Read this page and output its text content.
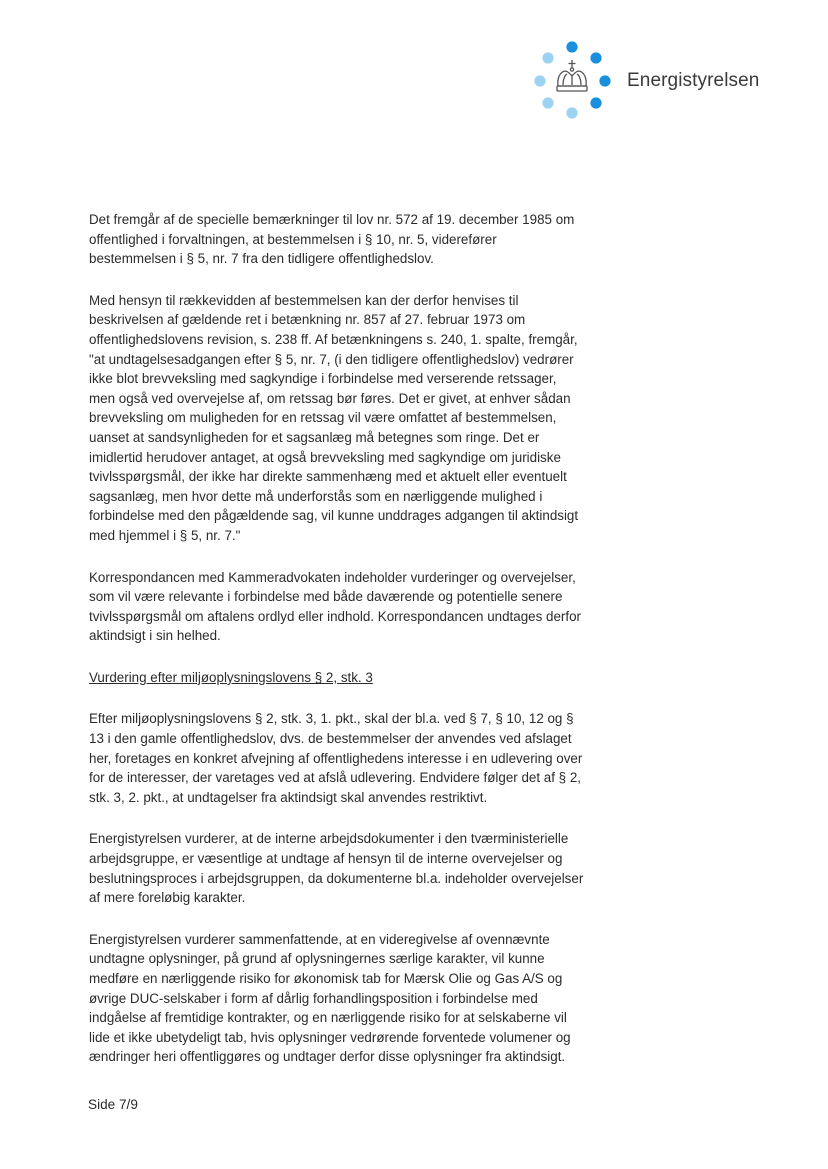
Energistyrelsen

Det fremgår af de specielle bemærkninger til lov nr. 572 af 19. december 1985 om
offentlighed i forvaltningen, at bestemmelsen i § 10, nr. 5, viderefører
bestemmelsen i § 5, nr. 7 fra den tidligere offentlighedslov.

Med hensyn til rækkevidden af bestemmelsen kan der derfor henvises til
beskrivelsen af gældende ret i betænkning nr. 857 af 27. februar 1973 om
offentlighedslovens revision, s. 238 ff. Af betænkningens s. 240, 1. spalte, fremgår,
"at undtagelsesadgangen efter § 5, nr. 7, (i den tidligere offentlighedslov) vedrører
ikke blot brevveksling med sagkyndige i forbindelse med verserende retssager,
men også ved overvejelse af, om retssag bør føres. Det er givet, at enhver sådan
brevveksling om muligheden for en retssag vil være omfattet af bestemmelsen,
uanset at sandsynligheden for et sagsanlæg må betegnes som ringe. Det er
imidlertid herudover antaget, at også brevveksling med sagkyndige om juridiske
tvivlsspørgsmål, der ikke har direkte sammenhæng med et aktuelt eller eventuelt
sagsanlæg, men hvor dette må underforstås som en nærliggende mulighed i
forbindelse med den pågældende sag, vil kunne unddrages adgangen til aktindsigt
med hjemmel i § 5, nr. 7."

Korrespondancen med Kammeradvokaten indeholder vurderinger og overvejelser,
som vil være relevante i forbindelse med både daværende og potentielle senere
tvivlsspørgsmål om aftalens ordlyd eller indhold. Korrespondancen undtages derfor
aktindsigt i sin helhed.

Vurdering efter miljøoplysningslovens § 2, stk. 3

Efter miljøoplysningslovens § 2, stk. 3, 1. pkt., skal der bl.a. ved § 7, § 10, 12 og §
13 i den gamle offentlighedslov, dvs. de bestemmelser der anvendes ved afslaget
her, foretages en konkret afvejning af offentlighedens interesse i en udlevering over
for de interesser, der varetages ved at afslå udlevering. Endvidere følger det af § 2,
stk. 3, 2. pkt., at undtagelser fra aktindsigt skal anvendes restriktivt.

Energistyrelsen vurderer, at de interne arbejdsdokumenter i den tværministerielle
arbejdsgruppe, er væsentlige at undtage af hensyn til de interne overvejelser og
beslutningsproces i arbejdsgruppen, da dokumenterne bl.a. indeholder overvejelser
af mere foreløbig karakter.

Energistyrelsen vurderer sammenfattende, at en videregivelse af ovennævnte
undtagne oplysninger, på grund af oplysningernes særlige karakter, vil kunne
medføre en nærliggende risiko for økonomisk tab for Mærsk Olie og Gas A/S og
øvrige DUC-selskaber i form af dårlig forhandlingsposition i forbindelse med
indgåelse af fremtidige kontrakter, og en nærliggende risiko for at selskaberne vil
lide et ikke ubetydeligt tab, hvis oplysninger vedrørende forventede volumener og
ændringer heri offentliggøres og undtager derfor disse oplysninger fra aktindsigt.

Side 7/9
